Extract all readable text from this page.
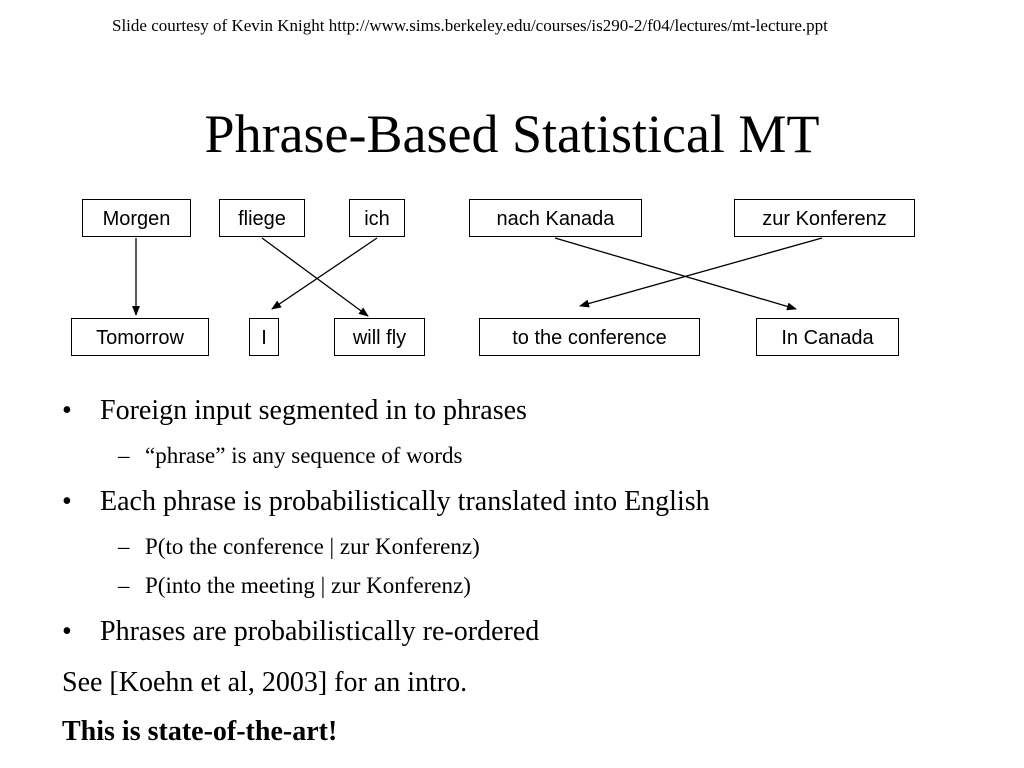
Slide courtesy of Kevin Knight http://www.sims.berkeley.edu/courses/is290-2/f04/lectures/mt-lecture.ppt
Phrase-Based Statistical MT
Morgen	fliege	ich	nach Kanada	zur Konferenz
Tomorrow	I	will fly	to the conference	In Canada
• Foreign input segmented in to phrases
– “phrase” is any sequence of words
• Each phrase is probabilistically translated into English
– P(to the conference | zur Konferenz)
– P(into the meeting | zur Konferenz)
• Phrases are probabilistically re-ordered
See [Koehn et al, 2003] for an intro.
This is state-of-the-art!
